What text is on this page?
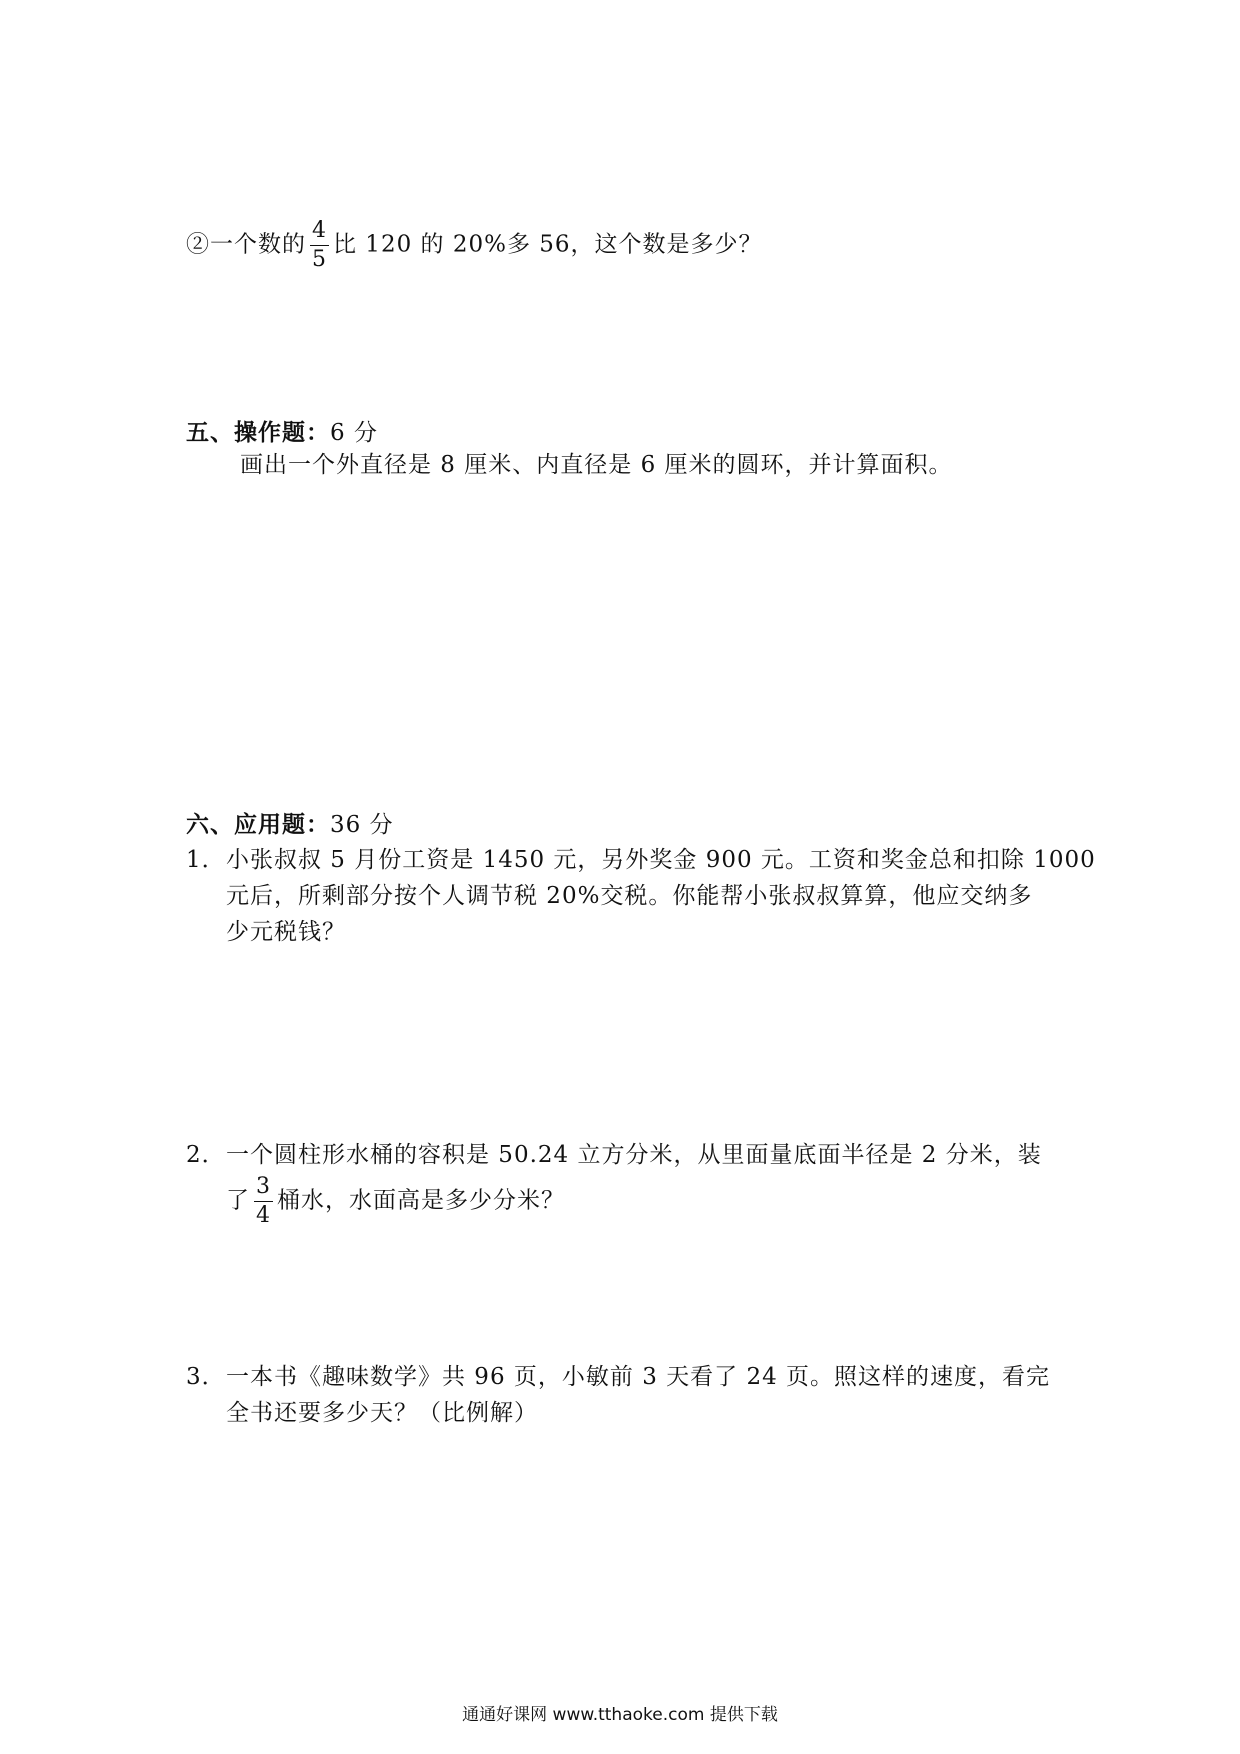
②一个数的 $\frac{4}{5}$ 比 120 的 20%多 56，这个数是多少？
五、操作题：6 分
画出一个外直径是 8 厘米、内直径是 6 厘米的圆环，并计算面积。
六、应用题：36 分
1． 小张叔叔 5 月份工资是 1450 元，另外奖金 900 元。工资和奖金总和扣除 1000
元后，所剩部分按个人调节税 20%交税。你能帮小张叔叔算算，他应交纳多
少元税钱？
2． 一个圆柱形水桶的容积是 50.24 立方分米，从里面量底面半径是 2 分米，装
了 $\frac{3}{4}$ 桶水，水面高是多少分米？
3． 一本书《趣味数学》共 96 页，小敏前 3 天看了 24 页。照这样的速度，看完
全书还要多少天？（比例解）
通通好课网 www.tthaoke.com 提供下载
